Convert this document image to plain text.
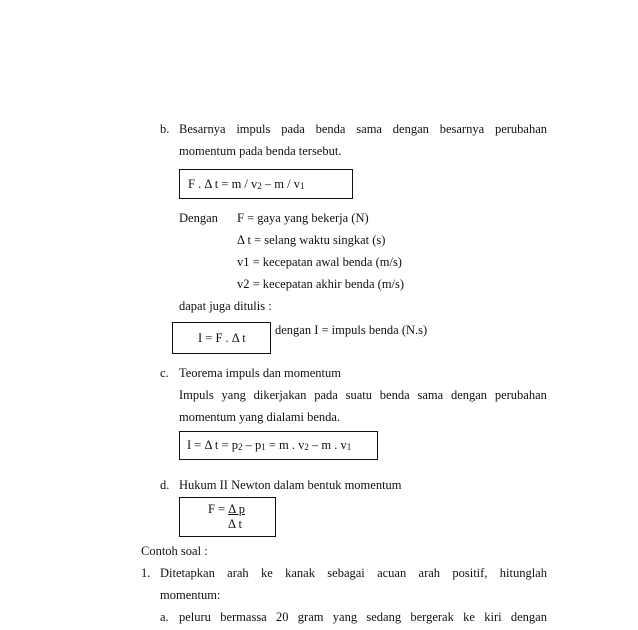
b. Besarnya impuls pada benda sama dengan besarnya perubahan
momentum pada benda tersebut.
F . Δ $t = m / v_2 - m / v_1$
Dengan F = gaya yang bekerja (N)
Δ t = selang waktu singkat (s)
v1 = kecepatan awal benda (m/s)
v2 = kecepatan akhir benda (m/s)
dapat juga ditulis :
I = F . Δ t
dengan I = impuls benda (N.s)
c. Teorema impuls dan momentum
Impuls yang dikerjakan pada suatu benda sama dengan perubahan
momentum yang dialami benda.
I = Δ $t = p_2 - p_1 = m$ . $v_2$ – m . $v_1$
d. Hukum II Newton dalam bentuk momentum
F = Δ p
Δ t
Contoh soal :
1. Ditetapkan arah ke kanak sebagai acuan arah positif, hitunglah
momentum:
a. peluru bermassa 20 gram yang sedang bergerak ke kiri dengan
